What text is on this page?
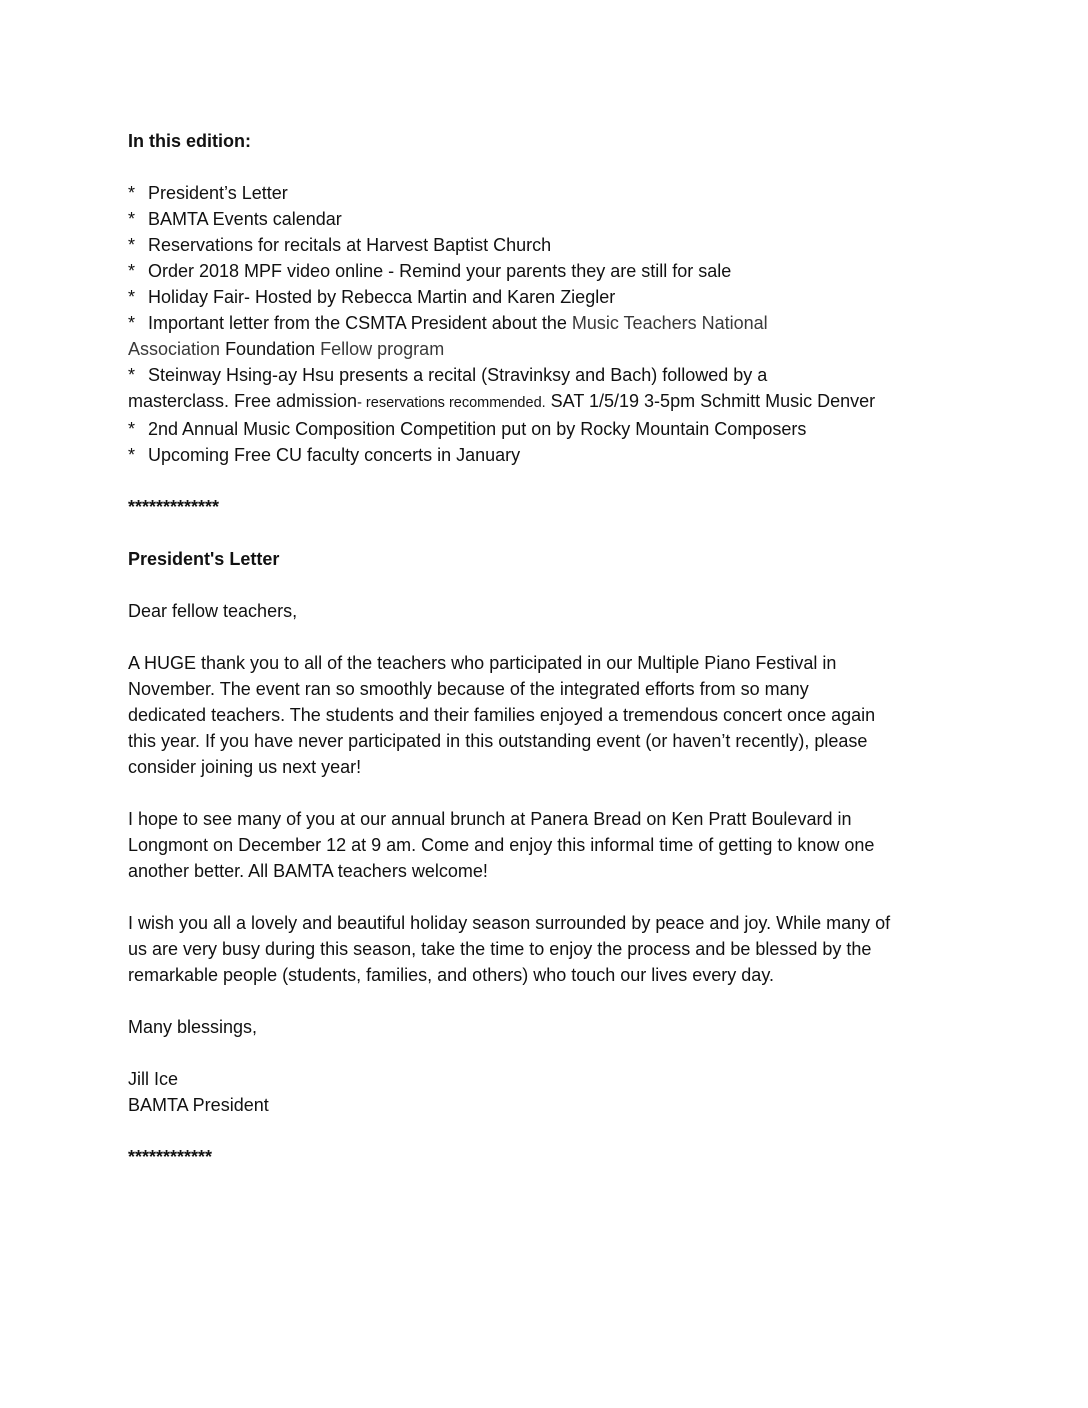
In this edition:
* President’s Letter
* BAMTA Events calendar
* Reservations for recitals at Harvest Baptist Church
* Order 2018 MPF video online - Remind your parents they are still for sale
* Holiday Fair- Hosted by Rebecca Martin and Karen Ziegler
* Important letter from the CSMTA President about the Music Teachers National
Association Foundation Fellow program
* Steinway Hsing-ay Hsu presents a recital (Stravinksy and Bach) followed by a
masterclass. Free admission- reservations recommended. SAT 1/5/19 3-5pm Schmitt Music Denver
* 2nd Annual Music Composition Competition put on by Rocky Mountain Composers
* Upcoming Free CU faculty concerts in January
*************
President's Letter
Dear fellow teachers,
A HUGE thank you to all of the teachers who participated in our Multiple Piano Festival in
November. The event ran so smoothly because of the integrated efforts from so many
dedicated teachers. The students and their families enjoyed a tremendous concert once again
this year. If you have never participated in this outstanding event (or haven’t recently), please
consider joining us next year!
I hope to see many of you at our annual brunch at Panera Bread on Ken Pratt Boulevard in
Longmont on December 12 at 9 am. Come and enjoy this informal time of getting to know one
another better. All BAMTA teachers welcome!
I wish you all a lovely and beautiful holiday season surrounded by peace and joy. While many of
us are very busy during this season, take the time to enjoy the process and be blessed by the
remarkable people (students, families, and others) who touch our lives every day.
Many blessings,
Jill Ice
BAMTA President
************
